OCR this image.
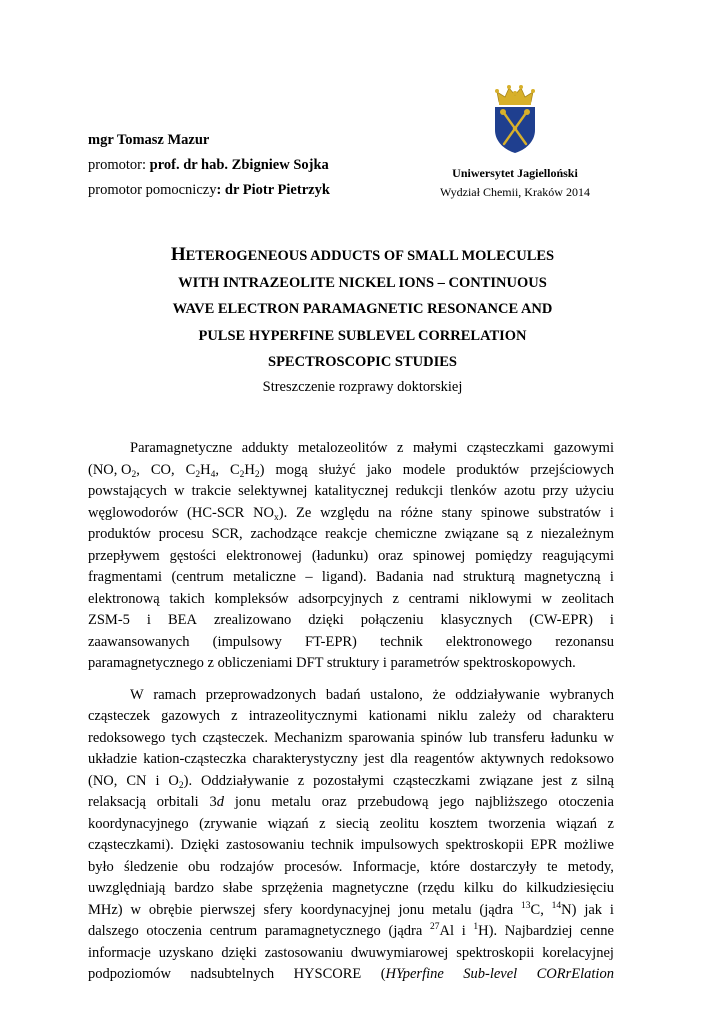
mgr Tomasz Mazur
promotor: prof. dr hab. Zbigniew Sojka
promotor pomocniczy: dr Piotr Pietrzyk
Uniwersytet Jagielloński
Wydział Chemii, Kraków 2014
HETEROGENEOUS ADDUCTS OF SMALL MOLECULES
WITH INTRAZEOLITE NICKEL IONS – CONTINUOUS
WAVE ELECTRON PARAMAGNETIC RESONANCE AND
PULSE HYPERFINE SUBLEVEL CORRELATION
SPECTROSCOPIC STUDIES
Streszczenie rozprawy doktorskiej
Paramagnetyczne addukty metalozeolitów z małymi cząsteczkami gazowymi
(NO, $O_2$, CO, $C_2H_4$, $C_2H_2$) mogą służyć jako modele produktów przejściowych
powstających w trakcie selektywnej katalitycznej redukcji tlenków azotu przy użyciu
węglowodorów (HC-SCR $NO_x$). Ze względu na różne stany spinowe substratów i
produktów procesu SCR, zachodzące reakcje chemiczne związane są z niezależnym
przepływem gęstości elektronowej (ładunku) oraz spinowej pomiędzy reagującymi
fragmentami (centrum metaliczne – ligand). Badania nad strukturą magnetyczną i
elektronową takich kompleksów adsorpcyjnych z centrami niklowymi w zeolitach
ZSM-5 i BEA zrealizowano dzięki połączeniu klasycznych (CW-EPR) i
zaawansowanych (impulsowy FT-EPR) technik elektronowego rezonansu
paramagnetycznego z obliczeniami DFT struktury i parametrów spektroskopowych.
W ramach przeprowadzonych badań ustalono, że oddziaływanie wybranych
cząsteczek gazowych z intrazeolitycznymi kationami niklu zależy od charakteru
redoksowego tych cząsteczek. Mechanizm sparowania spinów lub transferu ładunku w
układzie kation-cząsteczka charakterystyczny jest dla reagentów aktywnych redoksowo
(NO, CN i $O_2$). Oddziaływanie z pozostałymi cząsteczkami związane jest z silną
relaksacją orbitali 3d jonu metalu oraz przebudową jego najbliższego otoczenia
koordynacyjnego (zrywanie wiązań z siecią zeolitu kosztem tworzenia wiązań z
cząsteczkami). Dzięki zastosowaniu technik impulsowych spektroskopii EPR możliwe
było śledzenie obu rodzajów procesów. Informacje, które dostarczyły te metody,
uwzględniają bardzo słabe sprzężenia magnetyczne (rzędu kilku do kilkudziesięciu
MHz) w obrębie pierwszej sfery koordynacyjnej jonu metalu (jądra $^{13}$C, $^{14}$N) jak i
dalszego otoczenia centrum paramagnetycznego (jądra $^{27}$Al i $^1$H). Najbardziej cenne
informacje uzyskano dzięki zastosowaniu dwuwymiarowej spektroskopii korelacyjnej
podpoziomów nadsubtelnych HYSCORE (HYperfine Sub-level CORrElation
